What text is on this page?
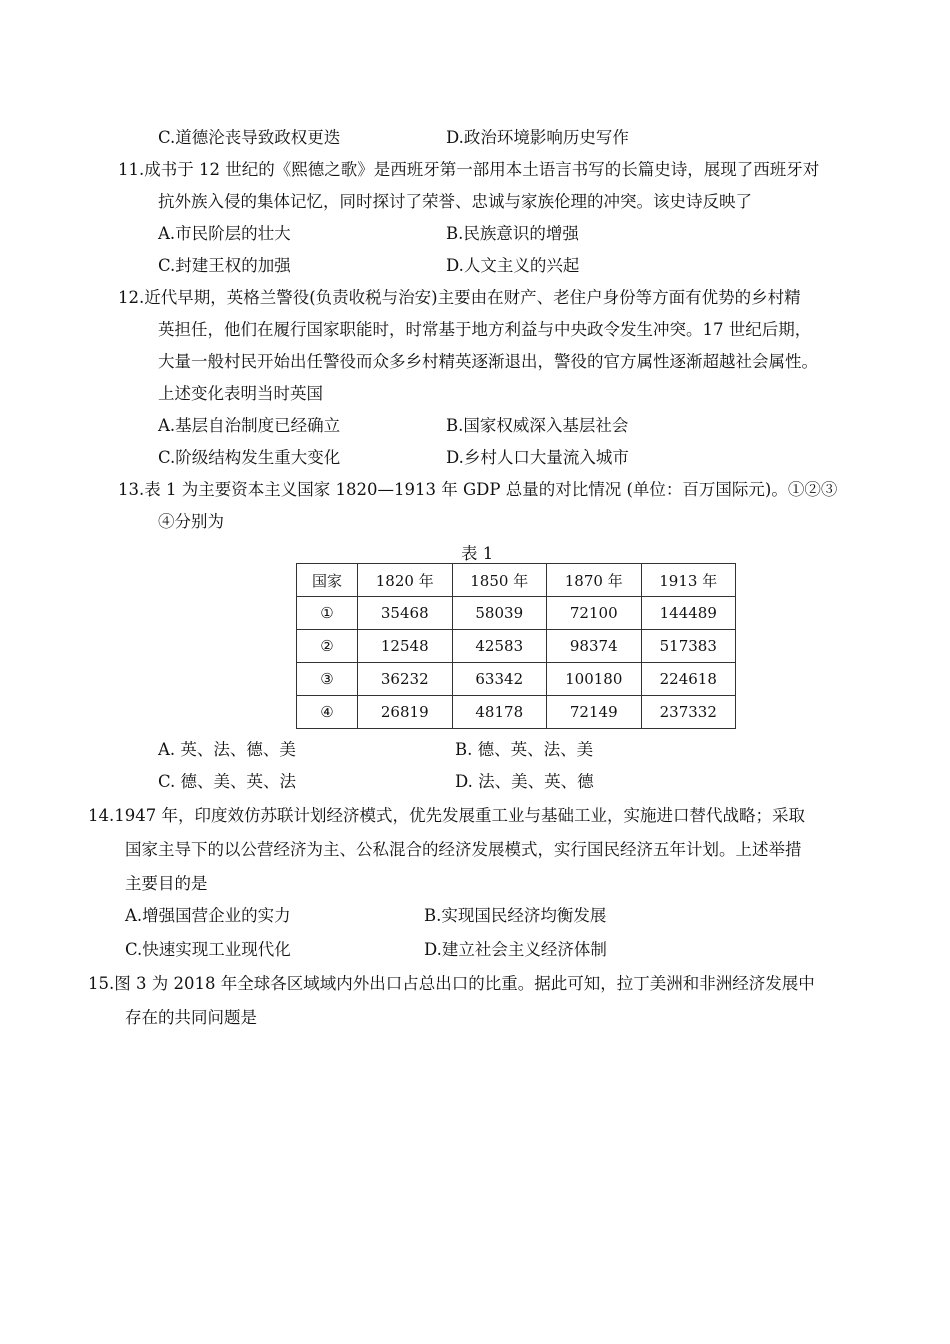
C.道德沦丧导致政权更迭	D.政治环境影响历史写作
11.成书于 12 世纪的《熙德之歌》是西班牙第一部用本土语言书写的长篇史诗，展现了西班牙对
抗外族入侵的集体记忆，同时探讨了荣誉、忠诚与家族伦理的冲突。该史诗反映了
A.市民阶层的壮大	B.民族意识的增强
C.封建王权的加强	D.人文主义的兴起
12.近代早期，英格兰警役(负责收税与治安)主要由在财产、老住户身份等方面有优势的乡村精
英担任，他们在履行国家职能时，时常基于地方利益与中央政令发生冲突。17 世纪后期，
大量一般村民开始出任警役而众多乡村精英逐渐退出，警役的官方属性逐渐超越社会属性。
上述变化表明当时英国
A.基层自治制度已经确立	B.国家权威深入基层社会
C.阶级结构发生重大变化	D.乡村人口大量流入城市
13.表 1 为主要资本主义国家 1820—1913 年 GDP 总量的对比情况 (单位：百万国际元)。①②③
④分别为
表 1
国家	1820 年	1850 年	1870 年	1913 年
①	35468	58039	72100	144489
②	12548	42583	98374	517383
③	36232	63342	100180	224618
④	26819	48178	72149	237332
A. 英、法、德、美	B. 德、英、法、美
C. 德、美、英、法	D. 法、美、英、德
14.1947 年，印度效仿苏联计划经济模式，优先发展重工业与基础工业，实施进口替代战略；采取
国家主导下的以公营经济为主、公私混合的经济发展模式，实行国民经济五年计划。上述举措
主要目的是
A.增强国营企业的实力	B.实现国民经济均衡发展
C.快速实现工业现代化	D.建立社会主义经济体制
15.图 3 为 2018 年全球各区域域内外出口占总出口的比重。据此可知，拉丁美洲和非洲经济发展中
存在的共同问题是
